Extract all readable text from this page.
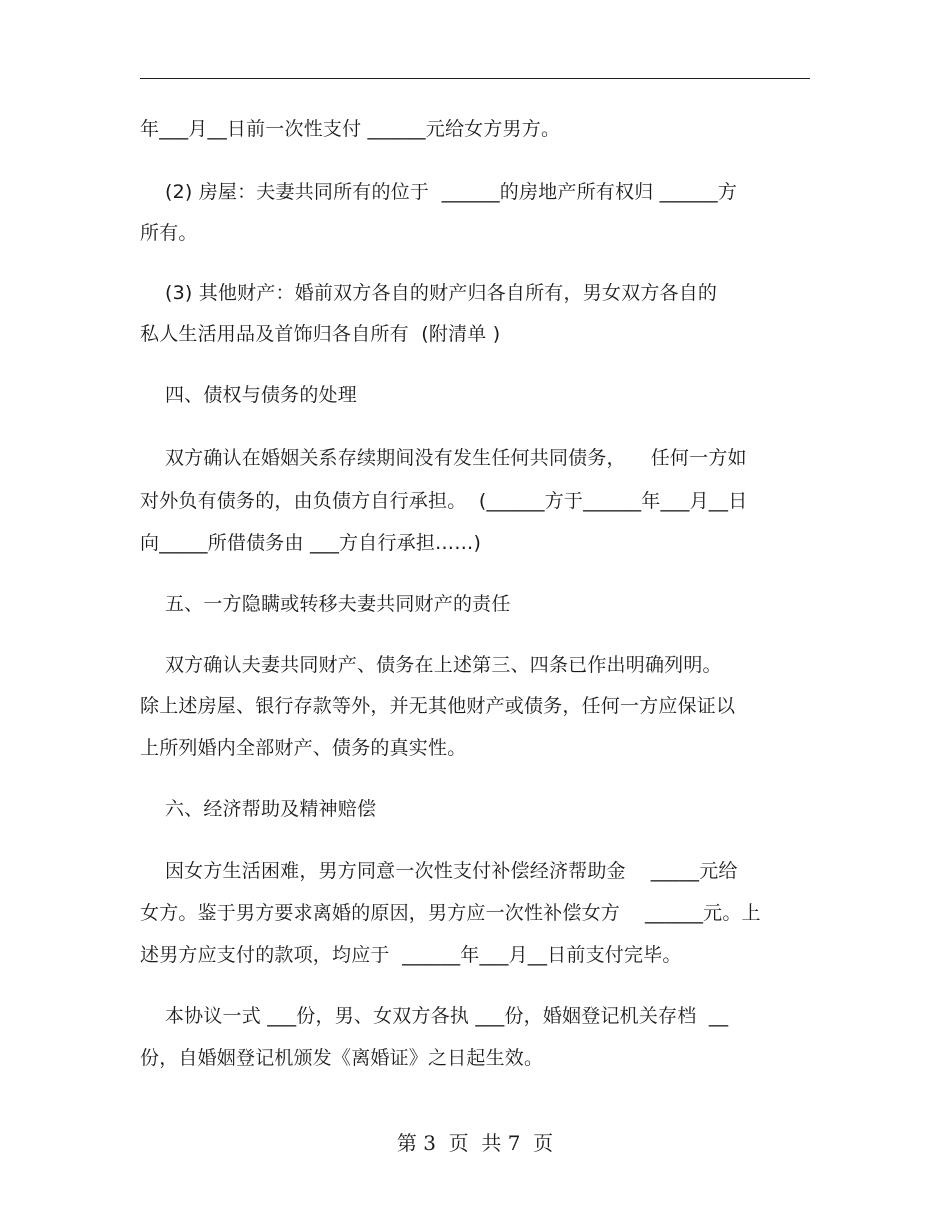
年___月__日前一次性支付 ______元给女方男方。
(2) 房屋：夫妻共同所有的位于  ______的房地产所有权归 ______方
所有。
(3) 其他财产：婚前双方各自的财产归各自所有，男女双方各自的
私人生活用品及首饰归各自所有  (附清单 )
四、债权与债务的处理
双方确认在婚姻关系存续期间没有发生任何共同债务，    任何一方如
对外负有债务的，由负债方自行承担。  (______方于______年___月__日
向_____所借债务由 ___方自行承担……)
五、一方隐瞒或转移夫妻共同财产的责任
双方确认夫妻共同财产、债务在上述第三、四条已作出明确列明。
除上述房屋、银行存款等外，并无其他财产或债务，任何一方应保证以
上所列婚内全部财产、债务的真实性。
六、经济帮助及精神赔偿
因女方生活困难，男方同意一次性支付补偿经济帮助金    _____元给
女方。鉴于男方要求离婚的原因，男方应一次性补偿女方    ______元。上
述男方应支付的款项，均应于  ______年___月__日前支付完毕。
本协议一式 ___份，男、女双方各执 ___份，婚姻登记机关存档  __
份，自婚姻登记机颁发《离婚证》之日起生效。
第 3  页  共 7  页
